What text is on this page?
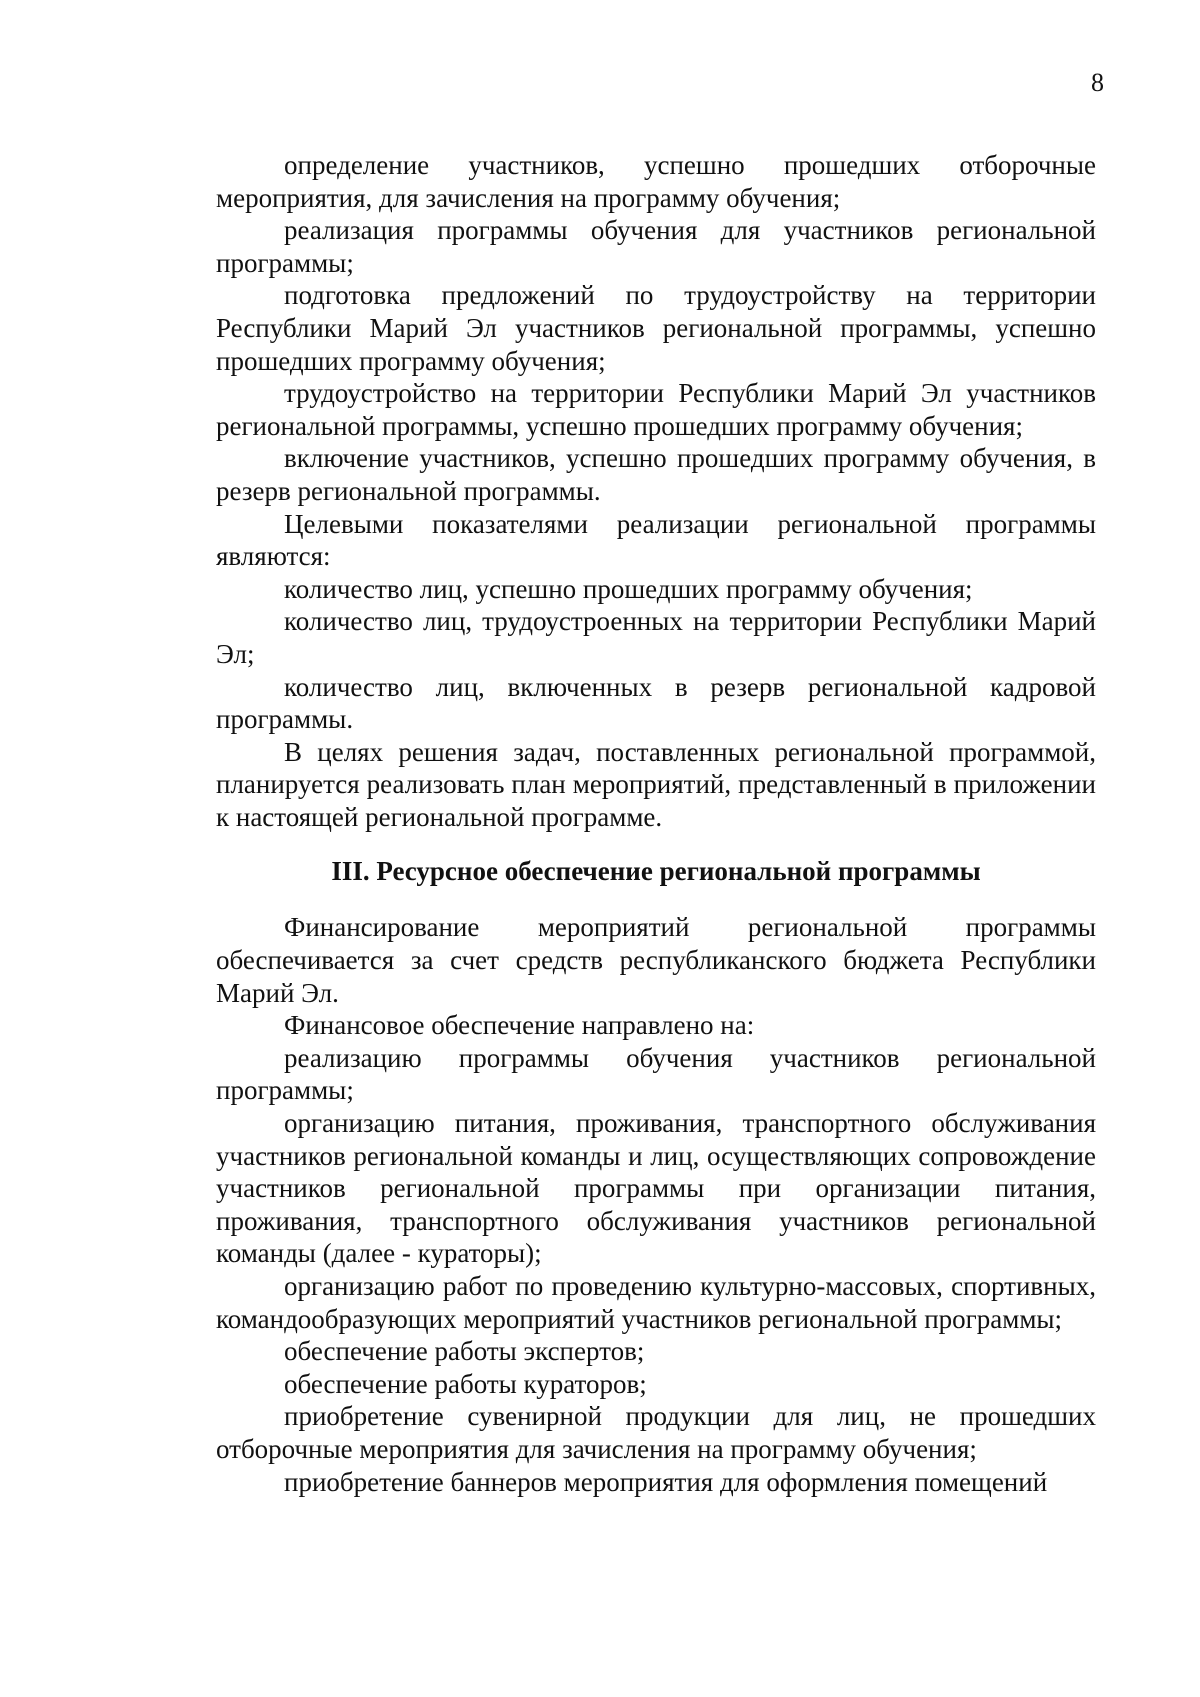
8

определение участников, успешно прошедших отборочные мероприятия, для зачисления на программу обучения;

реализация программы обучения для участников региональной программы;

подготовка предложений по трудоустройству на территории Республики Марий Эл участников региональной программы, успешно прошедших программу обучения;

трудоустройство на территории Республики Марий Эл участников региональной программы, успешно прошедших программу обучения;

включение участников, успешно прошедших программу обучения, в резерв региональной программы.

Целевыми показателями реализации региональной программы являются:

количество лиц, успешно прошедших программу обучения;

количество лиц, трудоустроенных на территории Республики Марий Эл;

количество лиц, включенных в резерв региональной кадровой программы.

В целях решения задач, поставленных региональной программой, планируется реализовать план мероприятий, представленный в приложении к настоящей региональной программе.

III. Ресурсное обеспечение региональной программы

Финансирование мероприятий региональной программы обеспечивается за счет средств республиканского бюджета Республики Марий Эл.

Финансовое обеспечение направлено на:

реализацию программы обучения участников региональной программы;

организацию питания, проживания, транспортного обслуживания участников региональной команды и лиц, осуществляющих сопровождение участников региональной программы при организации питания, проживания, транспортного обслуживания участников региональной команды (далее - кураторы);

организацию работ по проведению культурно-массовых, спортивных, командообразующих мероприятий участников региональной программы;

обеспечение работы экспертов;

обеспечение работы кураторов;

приобретение сувенирной продукции для лиц, не прошедших отборочные мероприятия для зачисления на программу обучения;

приобретение баннеров мероприятия для оформления помещений
